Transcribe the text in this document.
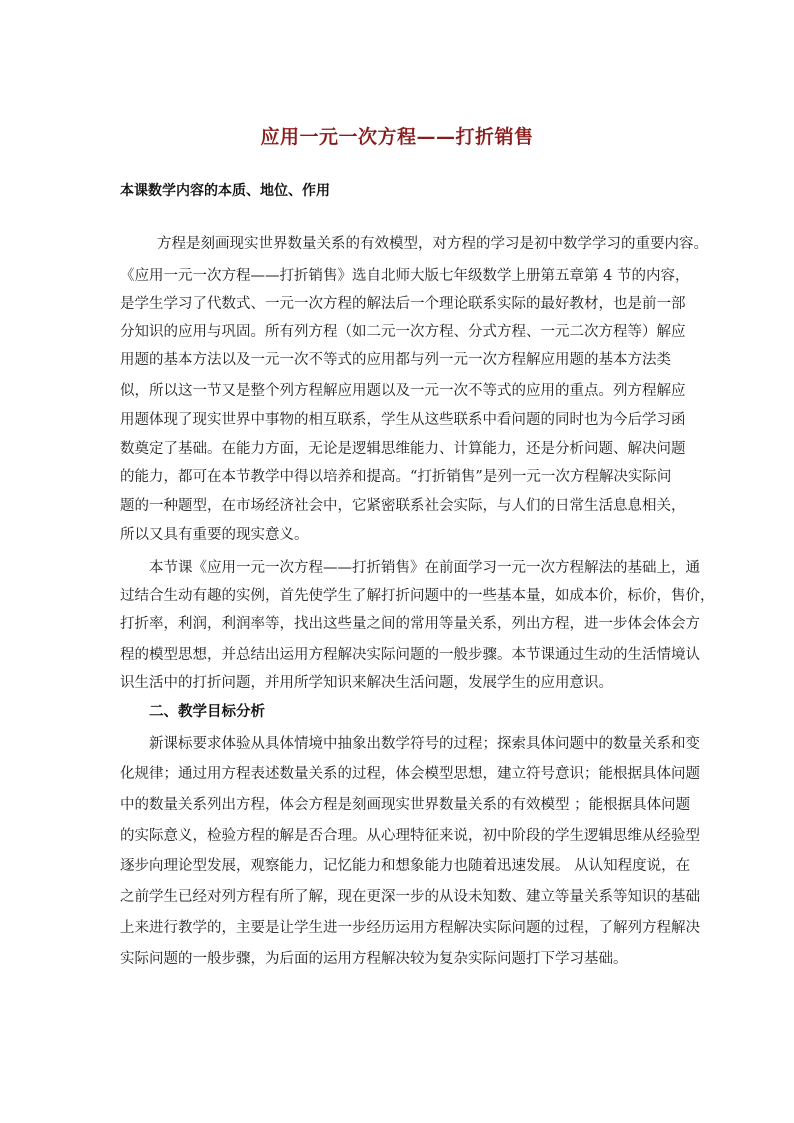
应用一元一次方程——打折销售
本课数学内容的本质、地位、作用
方程是刻画现实世界数量关系的有效模型，对方程的学习是初中数学学习的重要内容。
《应用一元一次方程——打折销售》选自北师大版七年级数学上册第五章第 4 节的内容，
是学生学习了代数式、一元一次方程的解法后一个理论联系实际的最好教材，也是前一部
分知识的应用与巩固。所有列方程（如二元一次方程、分式方程、一元二次方程等）解应
用题的基本方法以及一元一次不等式的应用都与列一元一次方程解应用题的基本方法类
似，所以这一节又是整个列方程解应用题以及一元一次不等式的应用的重点。列方程解应
用题体现了现实世界中事物的相互联系，学生从这些联系中看问题的同时也为今后学习函
数奠定了基础。在能力方面，无论是逻辑思维能力、计算能力，还是分析问题、解决问题
的能力，都可在本节教学中得以培养和提高。“打折销售”是列一元一次方程解决实际问
题的一种题型，在市场经济社会中，它紧密联系社会实际，与人们的日常生活息息相关，
所以又具有重要的现实意义。
本节课《应用一元一次方程——打折销售》在前面学习一元一次方程解法的基础上，通
过结合生动有趣的实例，首先使学生了解打折问题中的一些基本量，如成本价，标价，售价，
打折率，利润，利润率等，找出这些量之间的常用等量关系，列出方程，进一步体会体会方
程的模型思想，并总结出运用方程解决实际问题的一般步骤。本节课通过生动的生活情境认
识生活中的打折问题，并用所学知识来解决生活问题，发展学生的应用意识。
二、教学目标分析
新课标要求体验从具体情境中抽象出数学符号的过程；探索具体问题中的数量关系和变
化规律；通过用方程表述数量关系的过程，体会模型思想，建立符号意识；能根据具体问题
中的数量关系列出方程，体会方程是刻画现实世界数量关系的有效模型 ；能根据具体问题
的实际意义，检验方程的解是否合理。从心理特征来说，初中阶段的学生逻辑思维从经验型
逐步向理论型发展，观察能力，记忆能力和想象能力也随着迅速发展。 从认知程度说，在
之前学生已经对列方程有所了解，现在更深一步的从设未知数、建立等量关系等知识的基础
上来进行教学的，主要是让学生进一步经历运用方程解决实际问题的过程，了解列方程解决
实际问题的一般步骤，为后面的运用方程解决较为复杂实际问题打下学习基础。
